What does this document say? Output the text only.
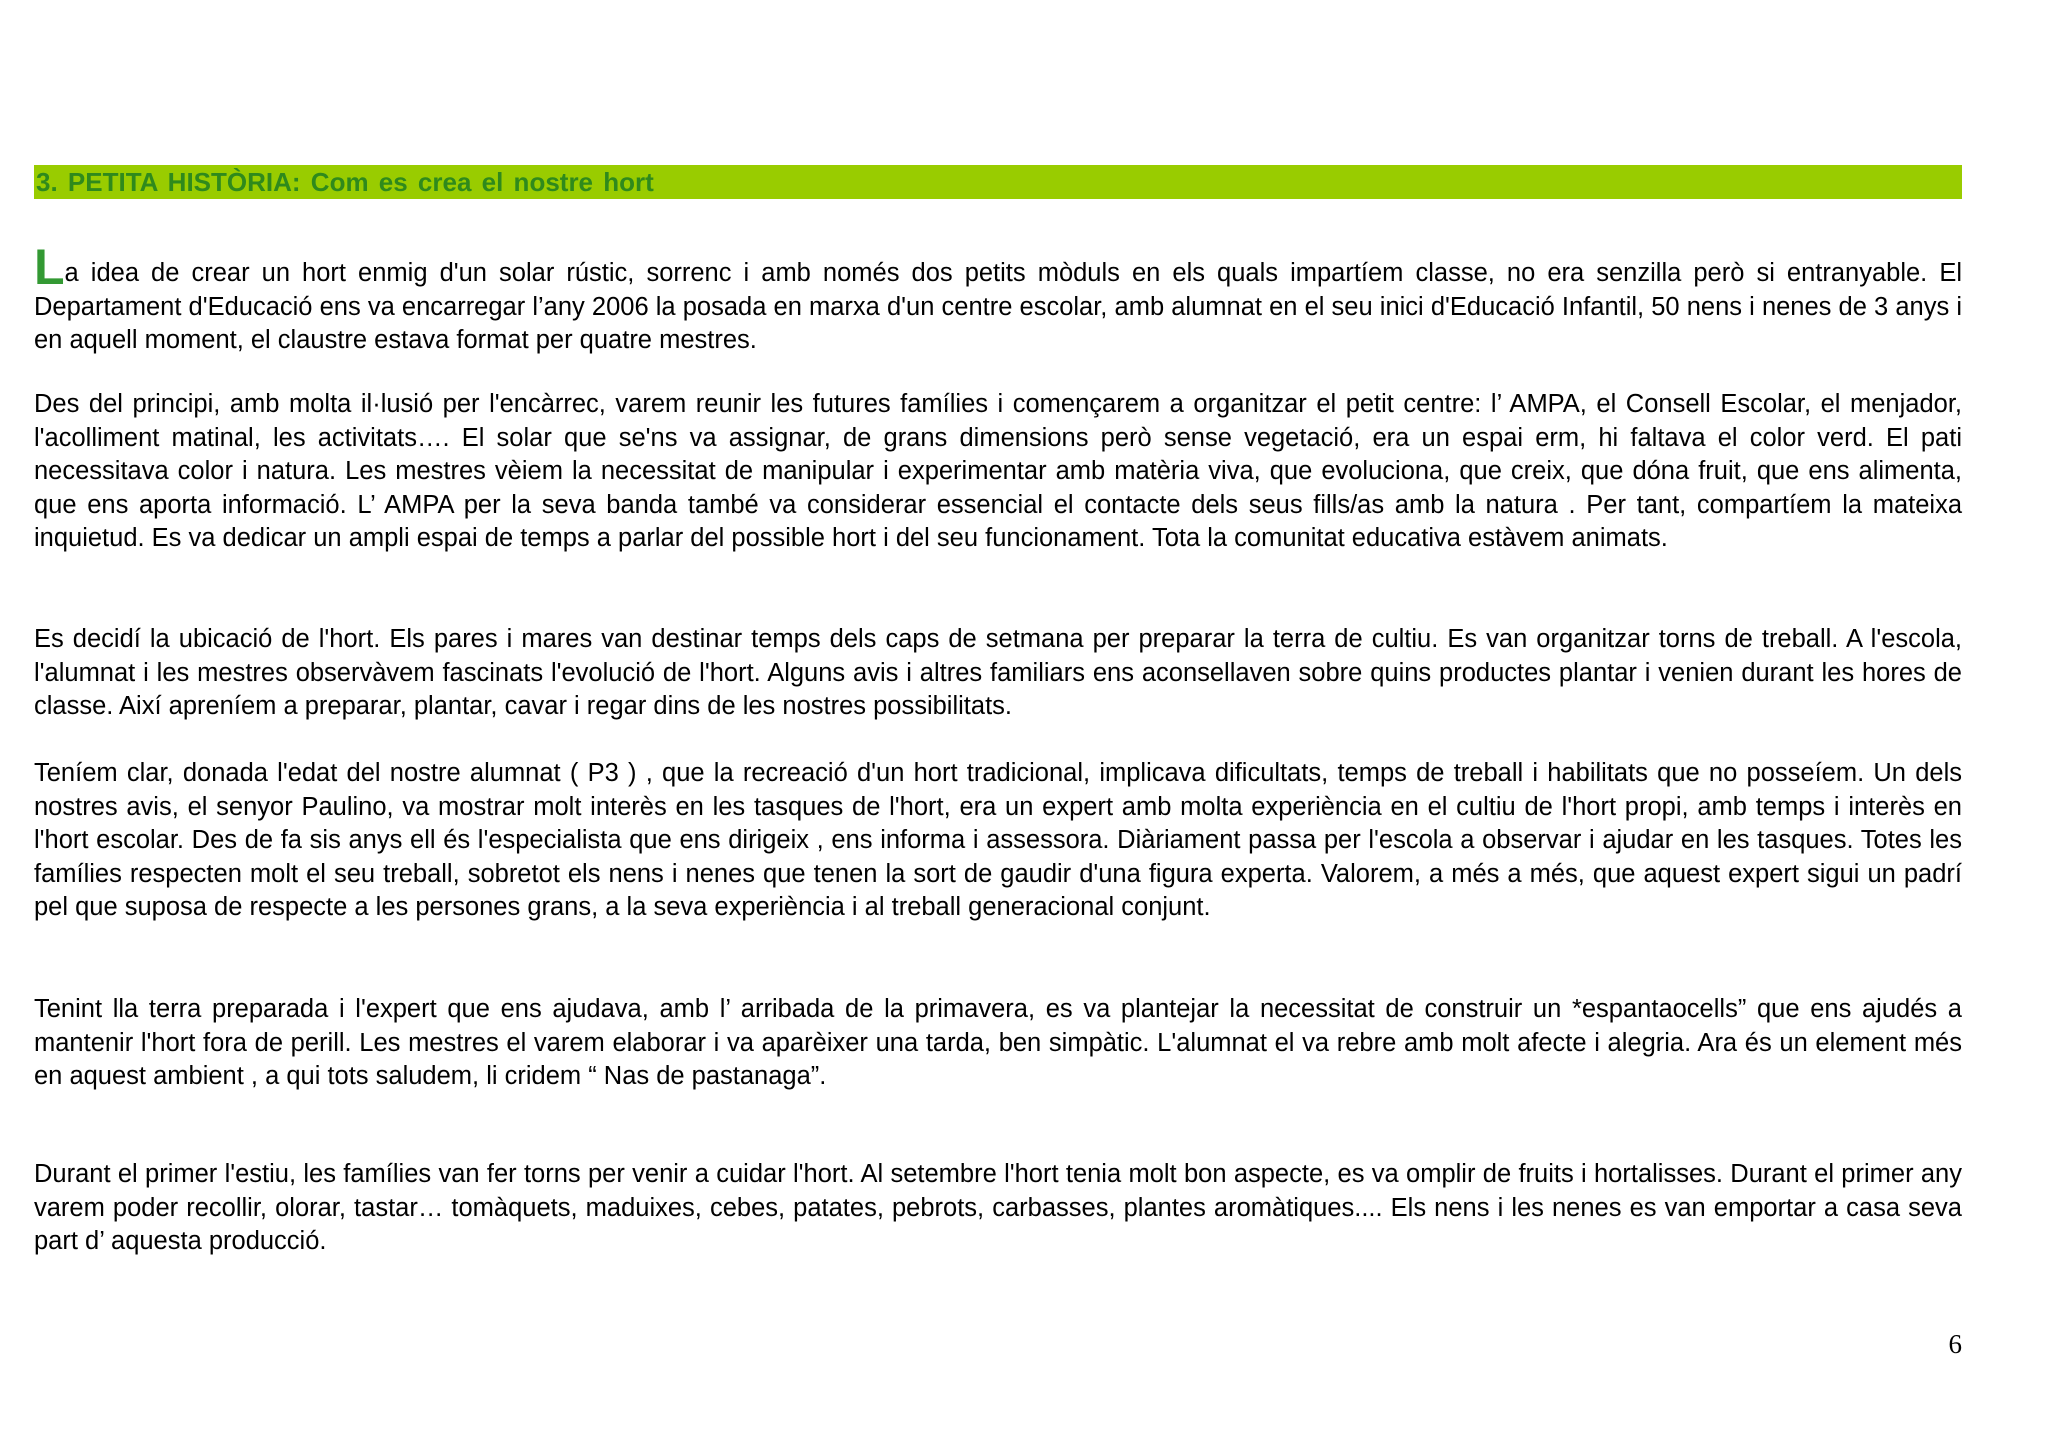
3. PETITA HISTÒRIA: Com es crea el nostre hort

La idea de crear un hort enmig d'un solar rústic, sorrenc i amb només dos petits mòduls en els quals impartíem classe, no era senzilla però si entranyable. El Departament d'Educació ens va encarregar l’any 2006 la posada en marxa d'un centre escolar, amb alumnat en el seu inici d'Educació Infantil, 50 nens i nenes de 3 anys i en aquell moment, el claustre estava format per quatre mestres.

Des del principi, amb molta il·lusió per l'encàrrec, varem reunir les futures famílies i començarem a organitzar el petit centre: l’ AMPA, el Consell Escolar, el menjador, l'acolliment matinal, les activitats…. El solar que se'ns va assignar, de grans dimensions però sense vegetació, era un espai erm, hi faltava el color verd. El pati necessitava color i natura. Les mestres vèiem la necessitat de manipular i experimentar amb matèria viva, que evoluciona, que creix, que dóna fruit, que ens alimenta, que ens aporta informació. L’ AMPA per la seva banda també va considerar essencial el contacte dels seus fills/as amb la natura . Per tant, compartíem la mateixa inquietud. Es va dedicar un ampli espai de temps a parlar del possible hort i del seu funcionament. Tota la comunitat educativa estàvem animats.

Es decidí la ubicació de l'hort. Els pares i mares van destinar temps dels caps de setmana per preparar la terra de cultiu. Es van organitzar torns de treball. A l'escola, l'alumnat i les mestres observàvem fascinats l'evolució de l'hort. Alguns avis i altres familiars ens aconsellaven sobre quins productes plantar i venien durant les hores de classe. Així apreníem a preparar, plantar, cavar i regar dins de les nostres possibilitats.

Teníem clar, donada l'edat del nostre alumnat ( P3 ) , que la recreació d'un hort tradicional, implicava dificultats, temps de treball i habilitats que no posseíem. Un dels nostres avis, el senyor Paulino, va mostrar molt interès en les tasques de l'hort, era un expert amb molta experiència en el cultiu de l'hort propi, amb temps i interès en l'hort escolar. Des de fa sis anys ell és l'especialista que ens dirigeix , ens informa i assessora. Diàriament passa per l'escola a observar i ajudar en les tasques. Totes les famílies respecten molt el seu treball, sobretot els nens i nenes que tenen la sort de gaudir d'una figura experta. Valorem, a més a més, que aquest expert sigui un padrí pel que suposa de respecte a les persones grans, a la seva experiència i al treball generacional conjunt.

Tenint lla terra preparada i l'expert que ens ajudava, amb l’ arribada de la primavera, es va plantejar la necessitat de construir un *espantaocells” que ens ajudés a mantenir l'hort fora de perill. Les mestres el varem elaborar i va aparèixer una tarda, ben simpàtic. L'alumnat el va rebre amb molt afecte i alegria. Ara és un element més en aquest ambient , a qui tots saludem, li cridem “ Nas de pastanaga”.

Durant el primer l'estiu, les famílies van fer torns per venir a cuidar l'hort. Al setembre l'hort tenia molt bon aspecte, es va omplir de fruits i hortalisses. Durant el primer any varem poder recollir, olorar, tastar… tomàquets, maduixes, cebes, patates, pebrots, carbasses, plantes aromàtiques.... Els nens i les nenes es van emportar a casa seva part d’ aquesta producció.

6
